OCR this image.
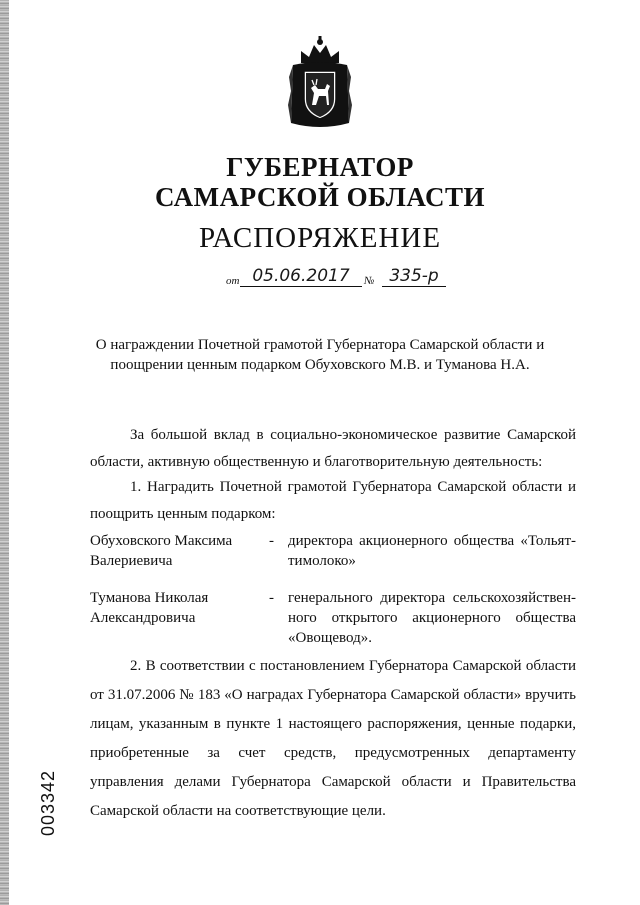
ГУБЕРНАТОР
САМАРСКОЙ ОБЛАСТИ
РАСПОРЯЖЕНИЕ
от 05.06.2017	№ 335-р
О награждении Почетной грамотой Губернатора Самарской области и поощрении ценным подарком Обуховского М.В. и Туманова Н.А.
За большой вклад в социально-экономическое развитие Самарской области, активную общественную и благотворительную деятельность:
1. Наградить Почетной грамотой Губернатора Самарской области и поощрить ценным подарком:
Обуховского Максима Валериевича
- директора акционерного общества «Тольят-тимолоко»
Туманова Николая Александровича
- генерального директора сельскохозяйствен-ного открытого акционерного общества «Овощевод».
2. В соответствии с постановлением Губернатора Самарской области от 31.07.2006 № 183 «О наградах Губернатора Самарской области» вручить лицам, указанным в пункте 1 настоящего распоряжения, ценные подарки, приобретенные за счет средств, предусмотренных департаменту управления делами Губернатора Самарской области и Правительства Самарской области на соответствующие цели.
003342
